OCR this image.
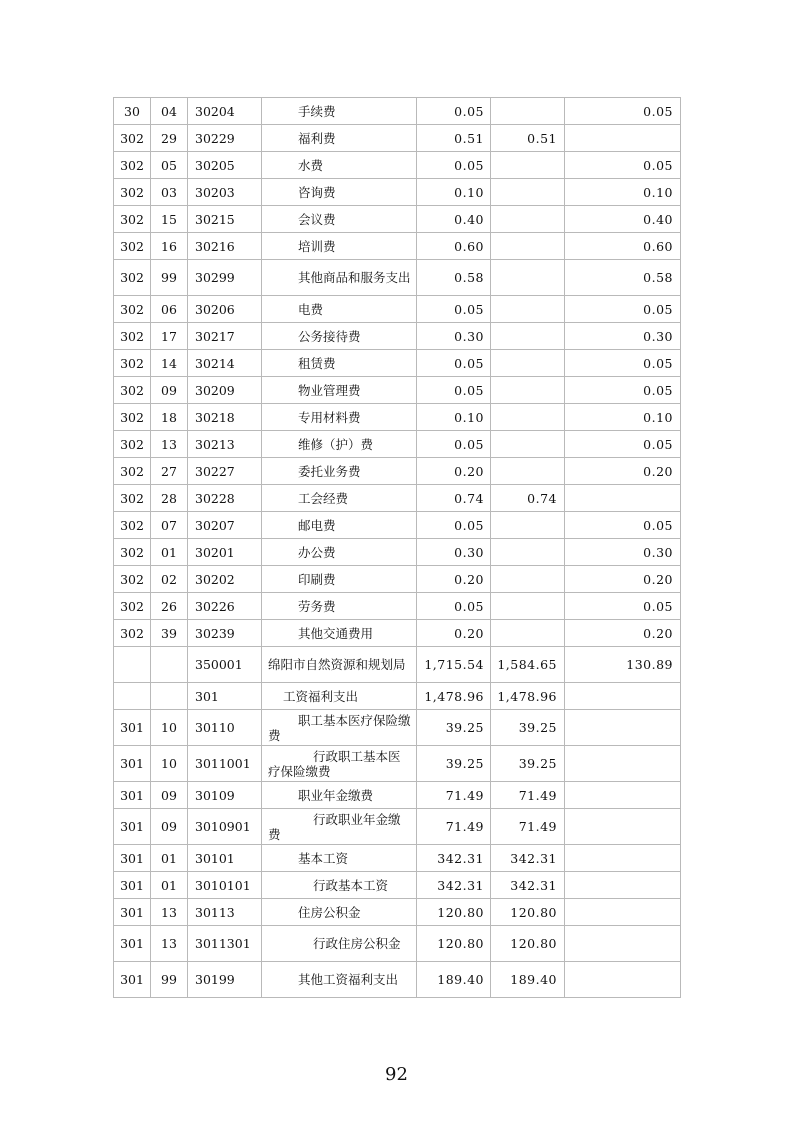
30	04	30204	手续费	0.05		0.05
302	29	30229	福利费	0.51	0.51	
302	05	30205	水费	0.05		0.05
302	03	30203	咨询费	0.10		0.10
302	15	30215	会议费	0.40		0.40
302	16	30216	培训费	0.60		0.60
302	99	30299	其他商品和服务支出	0.58		0.58
302	06	30206	电费	0.05		0.05
302	17	30217	公务接待费	0.30		0.30
302	14	30214	租赁费	0.05		0.05
302	09	30209	物业管理费	0.05		0.05
302	18	30218	专用材料费	0.10		0.10
302	13	30213	维修（护）费	0.05		0.05
302	27	30227	委托业务费	0.20		0.20
302	28	30228	工会经费	0.74	0.74	
302	07	30207	邮电费	0.05		0.05
302	01	30201	办公费	0.30		0.30
302	02	30202	印刷费	0.20		0.20
302	26	30226	劳务费	0.05		0.05
302	39	30239	其他交通费用	0.20		0.20
		350001	绵阳市自然资源和规划局	1,715.54	1,584.65	130.89
		301	工资福利支出	1,478.96	1,478.96	
301	10	30110	职工基本医疗保险缴费	39.25	39.25	
301	10	3011001	行政职工基本医疗保险缴费	39.25	39.25	
301	09	30109	职业年金缴费	71.49	71.49	
301	09	3010901	行政职业年金缴费	71.49	71.49	
301	01	30101	基本工资	342.31	342.31	
301	01	3010101	行政基本工资	342.31	342.31	
301	13	30113	住房公积金	120.80	120.80	
301	13	3011301	行政住房公积金	120.80	120.80	
301	99	30199	其他工资福利支出	189.40	189.40	
92
